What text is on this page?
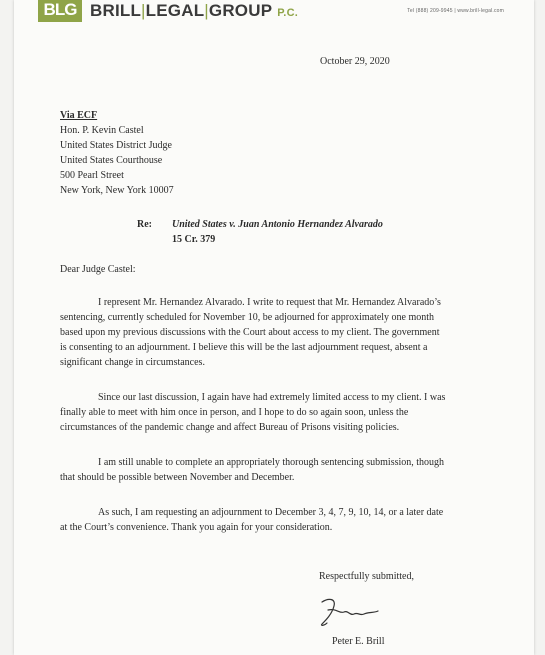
BLG BRILL|LEGAL|GROUP P.C.	Tel (888) 209-9945 | www.brill-legal.com
October 29, 2020
Via ECF
Hon. P. Kevin Castel
United States District Judge
United States Courthouse
500 Pearl Street
New York, New York 10007
Re: United States v. Juan Antonio Hernandez Alvarado
15 Cr. 379
Dear Judge Castel:
I represent Mr. Hernandez Alvarado. I write to request that Mr. Hernandez Alvarado’s
sentencing, currently scheduled for November 10, be adjourned for approximately one month
based upon my previous discussions with the Court about access to my client. The government
is consenting to an adjournment. I believe this will be the last adjournment request, absent a
significant change in circumstances.
Since our last discussion, I again have had extremely limited access to my client. I was
finally able to meet with him once in person, and I hope to do so again soon, unless the
circumstances of the pandemic change and affect Bureau of Prisons visiting policies.
I am still unable to complete an appropriately thorough sentencing submission, though
that should be possible between November and December.
As such, I am requesting an adjournment to December 3, 4, 7, 9, 10, 14, or a later date
at the Court’s convenience. Thank you again for your consideration.
Respectfully submitted,
Peter E. Brill
